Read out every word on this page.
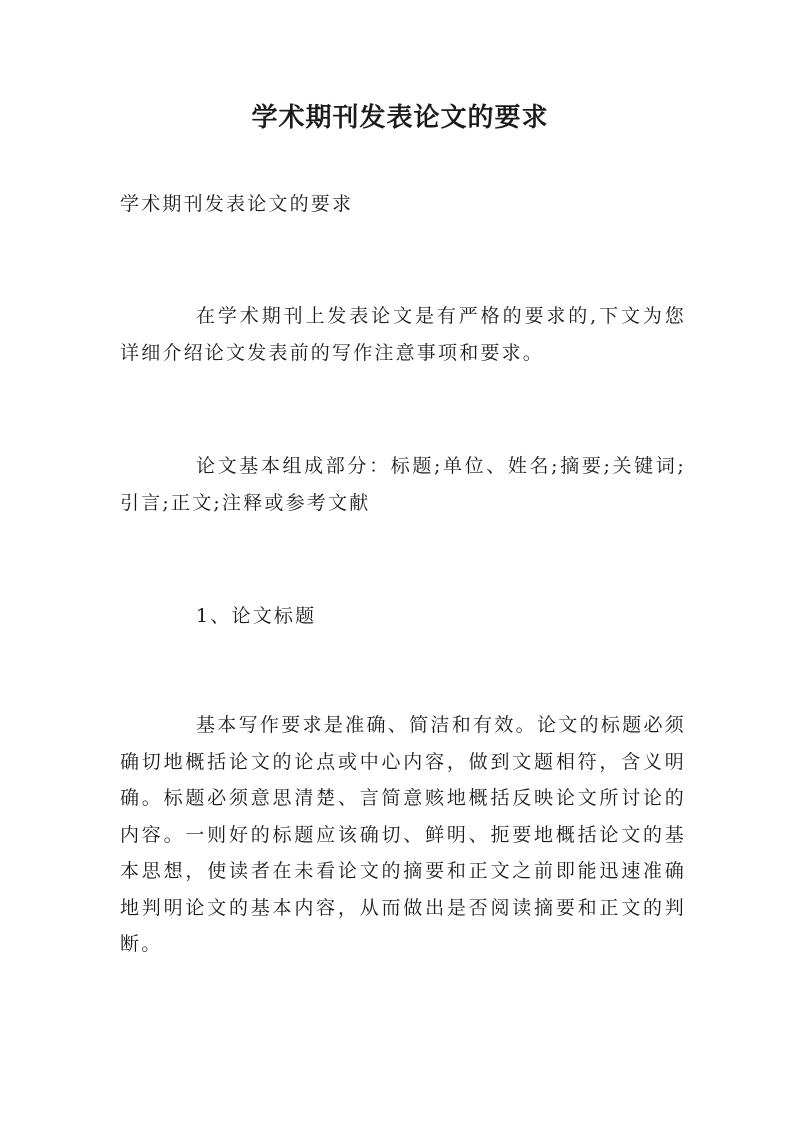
学术期刊发表论文的要求

学术期刊发表论文的要求

在学术期刊上发表论文是有严格的要求的,下文为您详细介绍论文发表前的写作注意事项和要求。

论文基本组成部分：标题;单位、姓名;摘要;关键词;引言;正文;注释或参考文献

1、论文标题

基本写作要求是准确、简洁和有效。论文的标题必须确切地概括论文的论点或中心内容，做到文题相符，含义明确。标题必须意思清楚、言简意赅地概括反映论文所讨论的内容。一则好的标题应该确切、鲜明、扼要地概括论文的基本思想，使读者在未看论文的摘要和正文之前即能迅速准确地判明论文的基本内容，从而做出是否阅读摘要和正文的判断。
